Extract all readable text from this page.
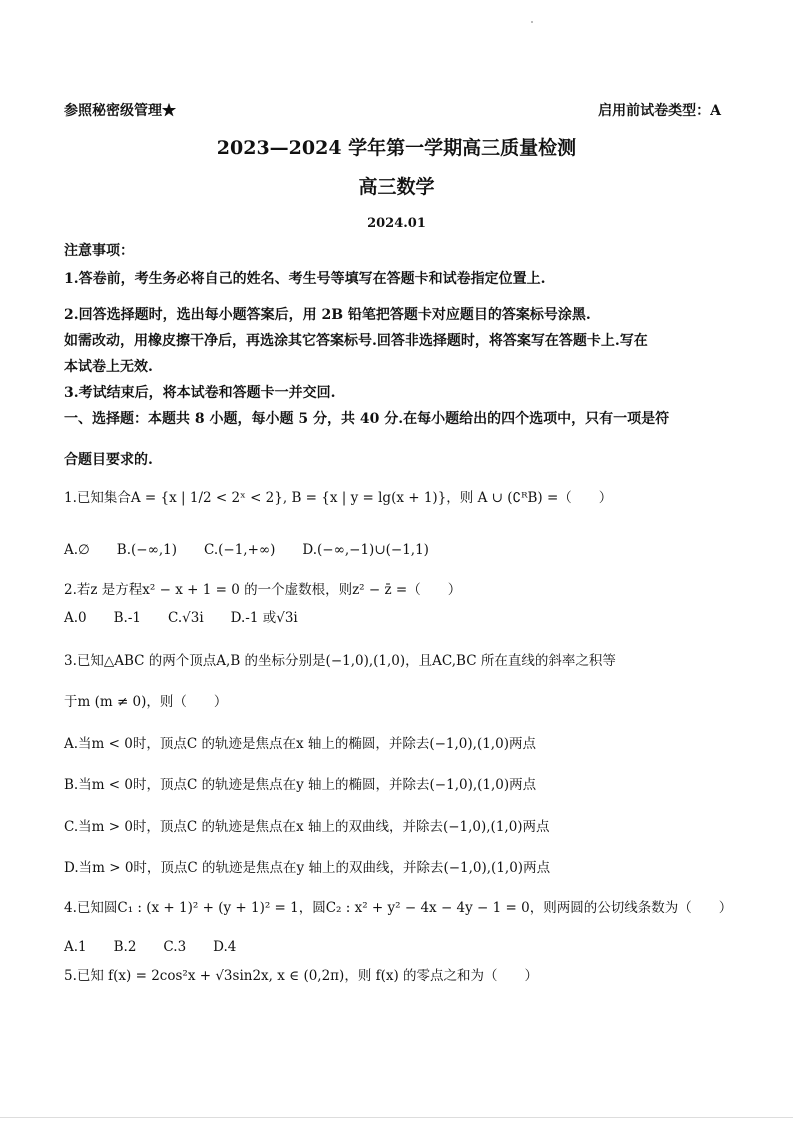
参照秘密级管理★	启用前试卷类型：A
2023—2024 学年第一学期高三质量检测
高三数学
2024.01
注意事项：
1.答卷前，考生务必将自己的姓名、考生号等填写在答题卡和试卷指定位置上.
2.回答选择题时，选出每小题答案后，用 2B 铅笔把答题卡对应题目的答案标号涂黑.
如需改动，用橡皮擦干净后，再选涂其它答案标号.回答非选择题时，将答案写在答题卡上.写在
本试卷上无效.
3.考试结束后，将本试卷和答题卡一并交回.
一、选择题：本题共 8 小题，每小题 5 分，共 40 分.在每小题给出的四个选项中，只有一项是符
合题目要求的.
1.已知集合A = {x | 1/2 < 2ˣ < 2}, B = {x | y = lg(x + 1)}，则 A ∪ (∁ᴿB) =（　　）
A.∅　　B.(−∞,1)　　C.(−1,+∞)　　D.(−∞,−1)∪(−1,1)
2.若z 是方程x² − x + 1 = 0 的一个虚数根，则z² − z̄ =（　　）
A.0　　B.-1　　C.√3i　　D.-1 或√3i
3.已知△ABC 的两个顶点A,B 的坐标分别是(−1,0),(1,0)，且AC,BC 所在直线的斜率之积等
于m (m ≠ 0)，则（　　）
A.当m < 0时，顶点C 的轨迹是焦点在x 轴上的椭圆，并除去(−1,0),(1,0)两点
B.当m < 0时，顶点C 的轨迹是焦点在y 轴上的椭圆，并除去(−1,0),(1,0)两点
C.当m > 0时，顶点C 的轨迹是焦点在x 轴上的双曲线，并除去(−1,0),(1,0)两点
D.当m > 0时，顶点C 的轨迹是焦点在y 轴上的双曲线，并除去(−1,0),(1,0)两点
4.已知圆C₁ : (x + 1)² + (y + 1)² = 1，圆C₂ : x² + y² − 4x − 4y − 1 = 0，则两圆的公切线条数为（　　）
A.1　　B.2　　C.3　　D.4
5.已知 f(x) = 2cos²x + √3sin2x, x ∈ (0,2π)，则 f(x) 的零点之和为（　　）
